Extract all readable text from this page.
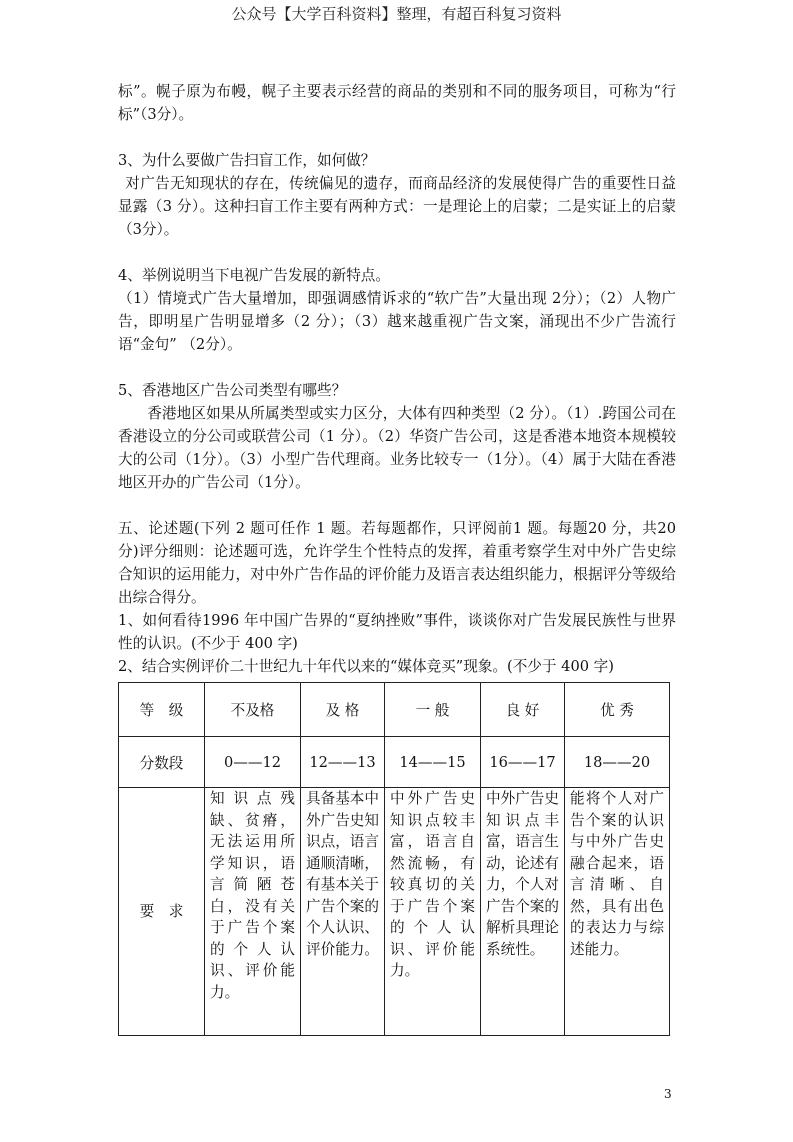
公众号【大学百科资料】整理，有超百科复习资料

标”。幌子原为布幔，幌子主要表示经营的商品的类别和不同的服务项目，可称为“行标”（3分）。

3、为什么要做广告扫盲工作，如何做？

对广告无知现状的存在，传统偏见的遗存，而商品经济的发展使得广告的重要性日益显露（3 分）。这种扫盲工作主要有两种方式：一是理论上的启蒙；二是实证上的启蒙（3分）。

4、举例说明当下电视广告发展的新特点。

（1）情境式广告大量增加，即强调感情诉求的“软广告”大量出现 2分）；（2）人物广告，即明星广告明显增多（2 分）；（3）越来越重视广告文案，涌现出不少广告流行语“金句” （2分）。

5、香港地区广告公司类型有哪些？

香港地区如果从所属类型或实力区分，大体有四种类型（2 分）。（1）.跨国公司在香港设立的分公司或联营公司（1 分）。（2）华资广告公司，这是香港本地资本规模较大的公司（1分）。（3）小型广告代理商。业务比较专一（1分）。（4）属于大陆在香港地区开办的广告公司（1分）。

五、论述题(下列 2 题可任作 1 题。若每题都作，只评阅前1 题。每题20 分，共20 分)评分细则：论述题可选，允许学生个性特点的发挥，着重考察学生对中外广告史综合知识的运用能力，对中外广告作品的评价能力及语言表达组织能力，根据评分等级给出综合得分。

1、如何看待1996 年中国广告界的“夏纳挫败”事件，谈谈你对广告发展民族性与世界性的认识。(不少于 400 字)

2、结合实例评价二十世纪九十年代以来的“媒体竞买”现象。(不少于 400 字)

等　级	不及格	及 格	一 般	良 好	优 秀
分数段	0——12	12——13	14——15	16——17	18——20
要　求	知识点残缺、贫瘠，无法运用所学知识，语言简陋苍白，没有关于广告个案的个人认识、评价能力。	具备基本中外广告史知识点，语言通顺清晰，有基本关于广告个案的个人认识、评价能力。	中外广告史知识点较丰富，语言自然流畅，有较真切的关于广告个案的个人认识、评价能力。	中外广告史知识点丰富，语言生动，论述有力，个人对广告个案的解析具理论系统性。	能将个人对广告个案的认识与中外广告史融合起来，语言清晰、自然，具有出色的表达力与综述能力。
3
